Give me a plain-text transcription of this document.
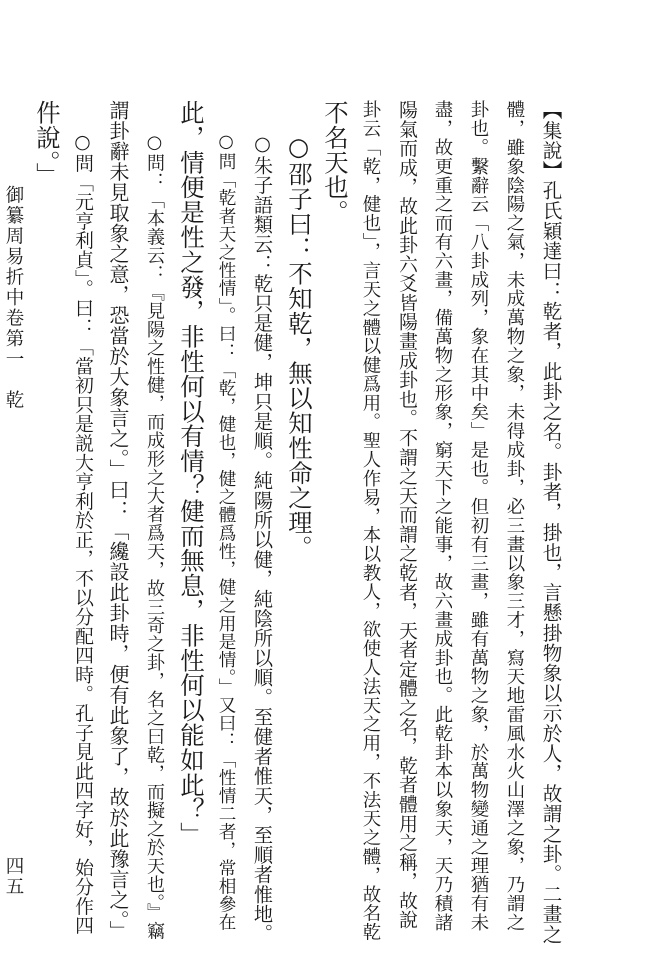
【集說】孔氏穎達曰：乾者，此卦之名。卦者，掛也，言懸掛物象以示於人，故謂之卦。二畫之
體，雖象陰陽之氣，未成萬物之象，未得成卦，必三畫以象三才，寫天地雷風水火山澤之象，乃謂之
卦也。繫辭云「八卦成列，象在其中矣」是也。但初有三畫，雖有萬物之象，於萬物變通之理猶有未
盡，故更重之而有六畫，備萬物之形象，窮天下之能事，故六畫成卦也。此乾卦本以象天，天乃積諸
陽氣而成，故此卦六爻皆陽畫成卦也。不謂之天而謂之乾者，天者定體之名，乾者體用之稱，故說
卦云「乾，健也」，言天之體以健爲用。聖人作易，本以教人，欲使人法天之用，不法天之體，故名乾
不名天也。
○邵子曰：不知乾，無以知性命之理。
○朱子語類云：乾只是健，坤只是順。純陽所以健，純陰所以順。至健者惟天，至順者惟地。
○問「乾者天之性情」。曰：「乾，健也，健之體爲性，健之用是情。」又曰：「性情二者，常相參在
此，情便是性之發，非性何以有情？健而無息，非性何以能如此？」
○問：「本義云：『見陽之性健，而成形之大者爲天，故三奇之卦，名之曰乾，而擬之於天也。』竊
謂卦辭未見取象之意，恐當於大象言之。」曰：「纔設此卦時，便有此象了，故於此豫言之。」
○問「元亨利貞」。曰：「當初只是説大亨利於正，不以分配四時。孔子見此四字好，始分作四
件說。」
御纂周易折中卷第一　乾
四五
